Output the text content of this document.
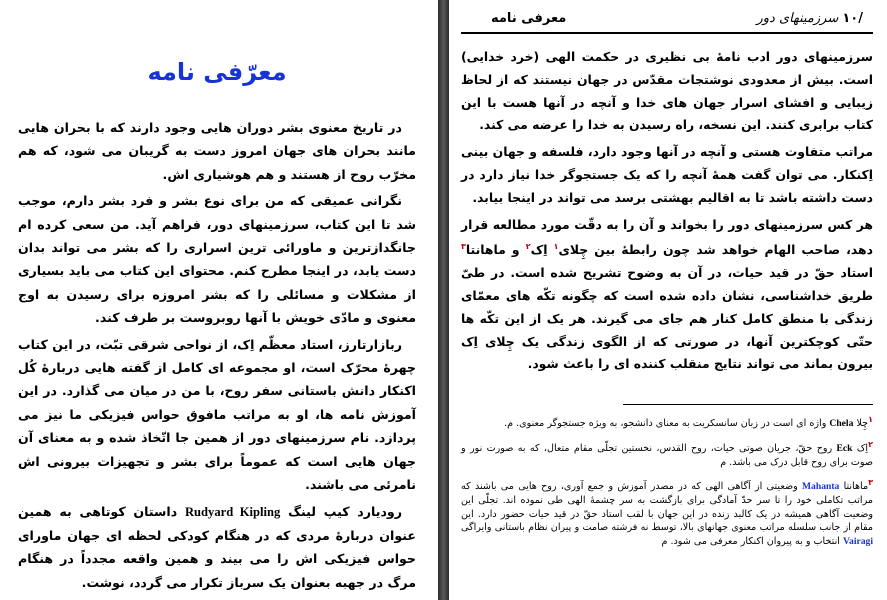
معرّفی نامه

در تاریخ معنوی بشر دوران هایی وجود دارند که با بحران هایی مانند بحران های جهان امروز دست به گریبان می شود، که هم مخرّب روح از هستند و هم هوشیاری اش.

نگرانی عمیقی که من برای نوع بشر و فرد بشر دارم، موجب شد تا این کتاب، سرزمینهای دور، فراهم آید. من سعی کرده ام جانگدازترین و ماورائی ترین اسراری را که بشر می تواند بدان دست یابد، در اینجا مطرح کنم. محتوای این کتاب می باید بسیاری از مشکلات و مسائلی را که بشر امروزه برای رسیدن به اوج معنوی و مادّی خویش با آنها روبروست بر طرف کند.

ربازارتارز، استاد معظّم اِک، از نواحی شرقی تبّت، در این کتاب چهرهٔ محرّک است، او مجموعه ای کامل از گفته هایی دربارهٔ کُل اکنکار دانش باستانی سفر روح، با من در میان می گذارد. در این آموزش نامه ها، او به مراتب مافوق حواس فیزیکی ما نیز می پردازد. نام سرزمینهای دور از همین جا اتّخاذ شده و به معنای آن جهان هایی است که عموماً برای بشر و تجهیزات بیرونی اش نامرئی می باشند.

رودیارد کیپ لینگ Rudyard Kipling داستان کوتاهی به همین عنوان دربارهٔ مردی که در هنگام کودکی لحظه ای جهان ماورای حواس فیزیکی اش را می بیند و همین واقعه مجدداً در هنگام مرگ در جهبه بعنوان یک سرباز تکرار می گردد، نوشت.

/۱۰ سرزمینهای دور
معرفی نامه

سرزمینهای دور ادب نامهٔ بی نظیری در حکمت الهی (خرد خدایی) است. بیش از معدودی نوشتجات مقدّس در جهان نیستند که از لحاظ زیبایی و افشای اسرار جهان های خدا و آنچه در آنها هست با این کتاب برابری کنند. این نسخه، راه رسیدن به خدا را عرضه می کند.

مراتب متفاوت هستی و آنچه در آنها وجود دارد، فلسفه و جهان بینی اِکنکار. می توان گفت همهٔ آنچه را که یک جستجوگر خدا نیاز دارد در دست داشته باشد تا به اقالیم بهشتی برسد می تواند در اینجا بیابد.

هر کس سرزمینهای دور را بخواند و آن را به دقّت مورد مطالعه قرار دهد، صاحب الهام خواهد شد چون رابطهٔ بین چِلای$^۱$ اِک$^۲$ و ماهانتا$^۳$ استاد حقّ در قید حیات، در آن به وضوح تشریح شده است. در طیّ طریق خداشناسی، نشان داده شده است که چگونه تکّه های معمّای زندگی با منطق کامل کنار هم جای می گیرند. هر یک از این تکّه ها حتّی کوچکترین آنها، در صورتی که از الگوی زندگی یک چِلای اِک بیرون بماند می تواند نتایج منقلب کننده ای را باعث شود.

$^۱$چِلا Chela واژه ای است در زبان سانسکریت به معنای دانشجو، به ویژه جستجوگر معنوی. م.

$^۲$اِک Eck روح حقّ، جریان صوتی حیات، روح القدس، نخستین تجلّی مقام متعال، که به صورت نور و صوت برای روح قابل درک می باشد. م

$^۳$ماهانتا Mahanta وضعیتی از آگاهی الهی که در مصدر آموزش و جمع آوری، روح هایی می باشند که مراتب تکاملی خود را تا سر حدّ آمادگی برای بازگشت به سر چشمهٔ الهی طی نموده اند. تجلّی این وضعیت آگاهی همیشه در یک کالبد زنده در این جهان با لقب استاد حقّ در قید حیات حضور دارد. این مقام از جانب سلسله مراتب معنوی جهانهای بالا، توسط نه فرشته صامت و پیران نظام باستانی وایراگی Vairagi انتخاب و به پیروان اکنکار معرفی می شود. م
